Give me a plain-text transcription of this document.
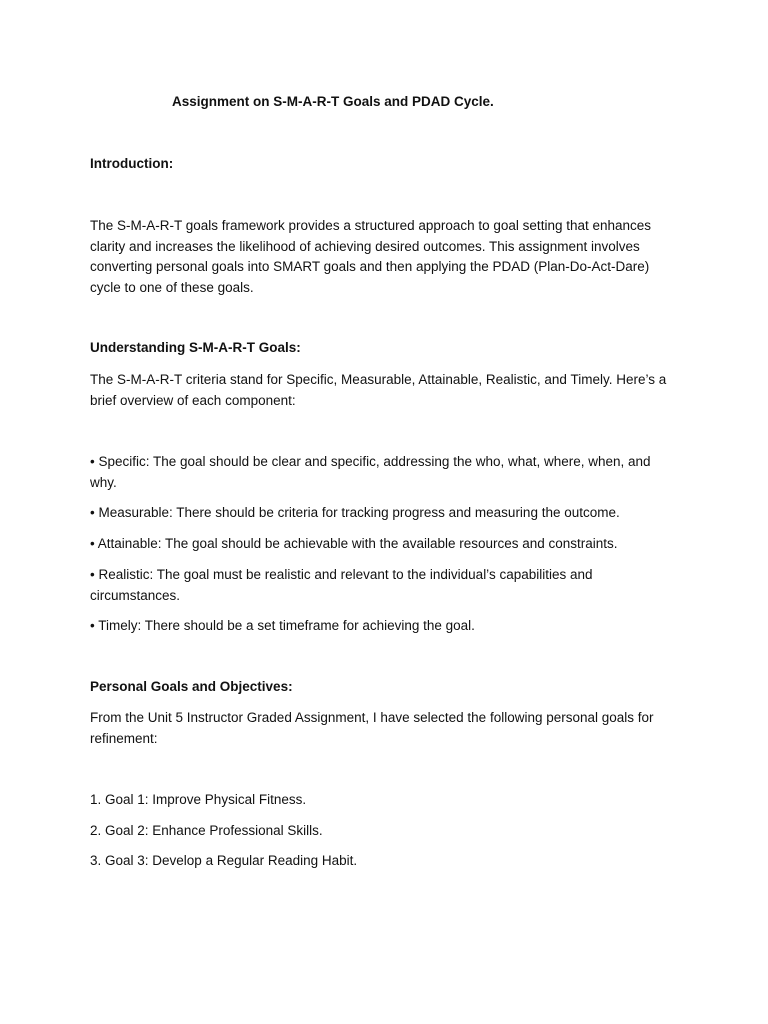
Assignment on S-M-A-R-T Goals and PDAD Cycle.
Introduction:
The S-M-A-R-T goals framework provides a structured approach to goal setting that enhances clarity and increases the likelihood of achieving desired outcomes. This assignment involves converting personal goals into SMART goals and then applying the PDAD (Plan-Do-Act-Dare) cycle to one of these goals.
Understanding S-M-A-R-T Goals:
The S-M-A-R-T criteria stand for Specific, Measurable, Attainable, Realistic, and Timely. Here’s a brief overview of each component:
• Specific: The goal should be clear and specific, addressing the who, what, where, when, and why.
• Measurable: There should be criteria for tracking progress and measuring the outcome.
• Attainable: The goal should be achievable with the available resources and constraints.
• Realistic: The goal must be realistic and relevant to the individual’s capabilities and circumstances.
• Timely: There should be a set timeframe for achieving the goal.
Personal Goals and Objectives:
From the Unit 5 Instructor Graded Assignment, I have selected the following personal goals for refinement:
1. Goal 1: Improve Physical Fitness.
2. Goal 2: Enhance Professional Skills.
3. Goal 3: Develop a Regular Reading Habit.
